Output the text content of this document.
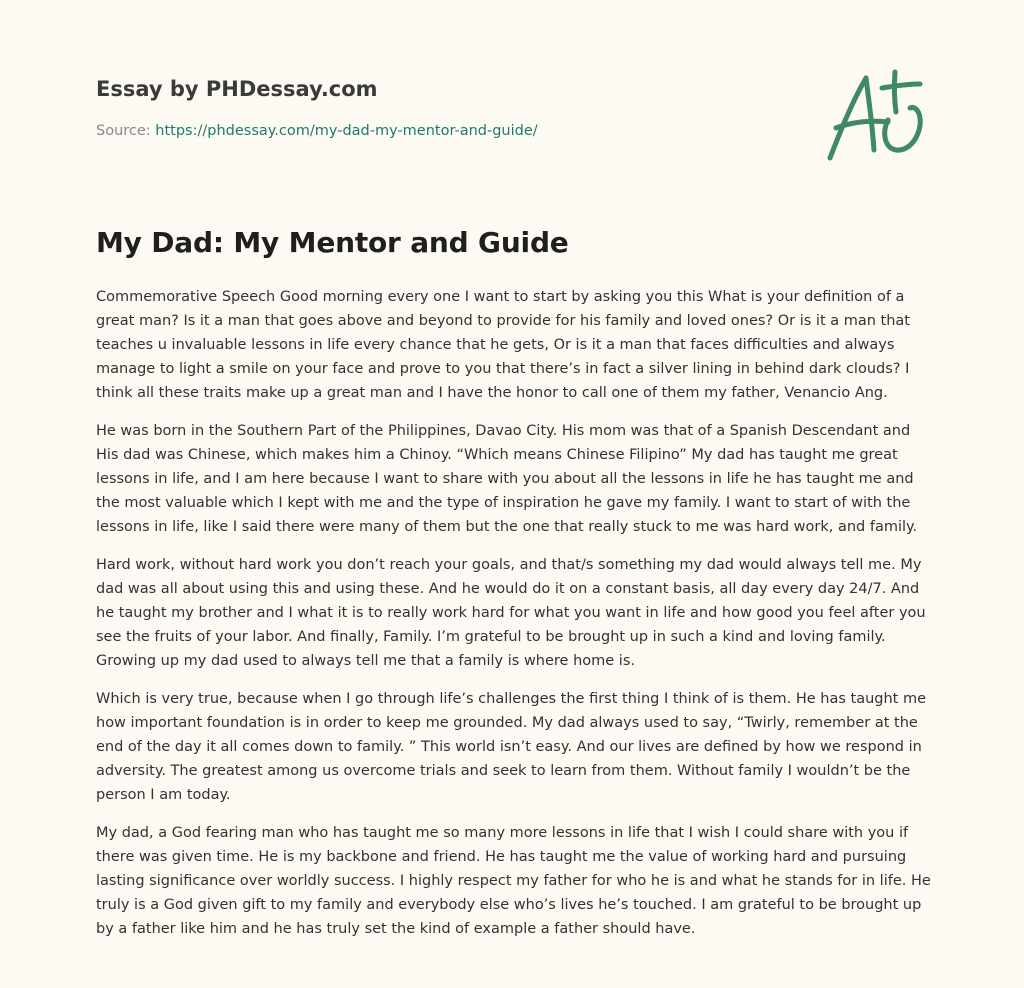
Essay by PHDessay.com
Source: https://phdessay.com/my-dad-my-mentor-and-guide/
My Dad: My Mentor and Guide

Commemorative Speech Good morning every one I want to start by asking you this What is your definition of a great man? Is it a man that goes above and beyond to provide for his family and loved ones? Or is it a man that teaches u invaluable lessons in life every chance that he gets, Or is it a man that faces difficulties and always manage to light a smile on your face and prove to you that there’s in fact a silver lining in behind dark clouds? I think all these traits make up a great man and I have the honor to call one of them my father, Venancio Ang.

He was born in the Southern Part of the Philippines, Davao City. His mom was that of a Spanish Descendant and His dad was Chinese, which makes him a Chinoy. “Which means Chinese Filipino” My dad has taught me great lessons in life, and I am here because I want to share with you about all the lessons in life he has taught me and the most valuable which I kept with me and the type of inspiration he gave my family. I want to start of with the lessons in life, like I said there were many of them but the one that really stuck to me was hard work, and family.

Hard work, without hard work you don’t reach your goals, and that/s something my dad would always tell me. My dad was all about using this and using these. And he would do it on a constant basis, all day every day 24/7. And he taught my brother and I what it is to really work hard for what you want in life and how good you feel after you see the fruits of your labor. And finally, Family. I’m grateful to be brought up in such a kind and loving family. Growing up my dad used to always tell me that a family is where home is.

Which is very true, because when I go through life’s challenges the first thing I think of is them. He has taught me how important foundation is in order to keep me grounded. My dad always used to say, “Twirly, remember at the end of the day it all comes down to family. ” This world isn’t easy. And our lives are defined by how we respond in adversity. The greatest among us overcome trials and seek to learn from them. Without family I wouldn’t be the person I am today.

My dad, a God fearing man who has taught me so many more lessons in life that I wish I could share with you if there was given time. He is my backbone and friend. He has taught me the value of working hard and pursuing lasting significance over worldly success. I highly respect my father for who he is and what he stands for in life. He truly is a God given gift to my family and everybody else who’s lives he’s touched. I am grateful to be brought up by a father like him and he has truly set the kind of example a father should have.
